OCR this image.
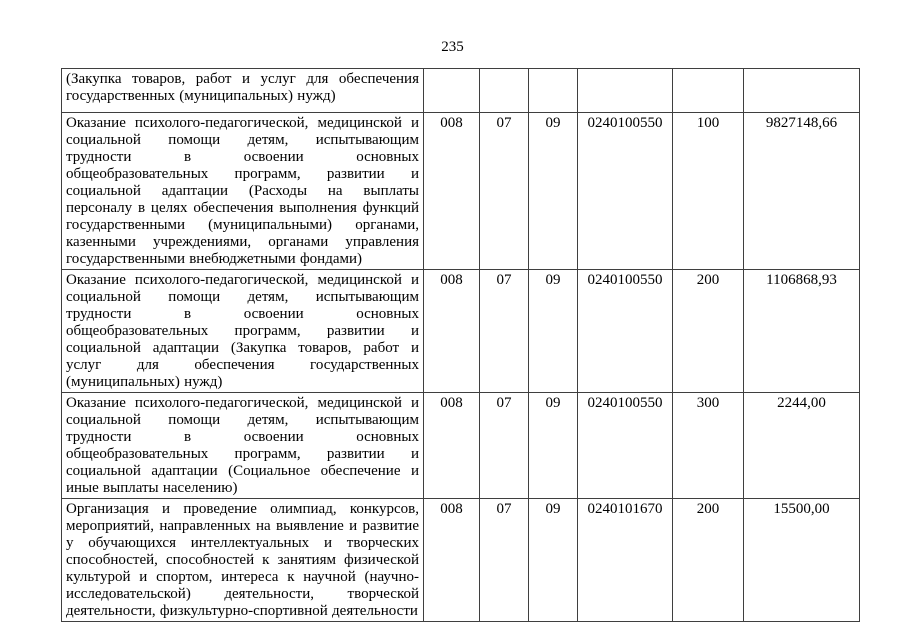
235
(Закупка товаров, работ и услуг для обеспечения государственных (муниципальных) нужд)						
Оказание психолого-педагогической, медицинской и социальной помощи детям, испытывающим трудности в освоении основных общеобразовательных программ, развитии и социальной адаптации (Расходы на выплаты персоналу в целях обеспечения выполнения функций государственными (муниципальными) органами, казенными учреждениями, органами управления государственными внебюджетными фондами)	008	07	09	0240100550	100	9827148,66
Оказание психолого-педагогической, медицинской и социальной помощи детям, испытывающим трудности в освоении основных общеобразовательных программ, развитии и социальной адаптации (Закупка товаров, работ и услуг для обеспечения государственных (муниципальных) нужд)	008	07	09	0240100550	200	1106868,93
Оказание психолого-педагогической, медицинской и социальной помощи детям, испытывающим трудности в освоении основных общеобразовательных программ, развитии и социальной адаптации (Социальное обеспечение и иные выплаты населению)	008	07	09	0240100550	300	2244,00
Организация и проведение олимпиад, конкурсов, мероприятий, направленных на выявление и развитие у обучающихся интеллектуальных и творческих способностей, способностей к занятиям физической культурой и спортом, интереса к научной (научно-исследовательской) деятельности, творческой деятельности, физкультурно-спортивной деятельности	008	07	09	0240101670	200	15500,00
